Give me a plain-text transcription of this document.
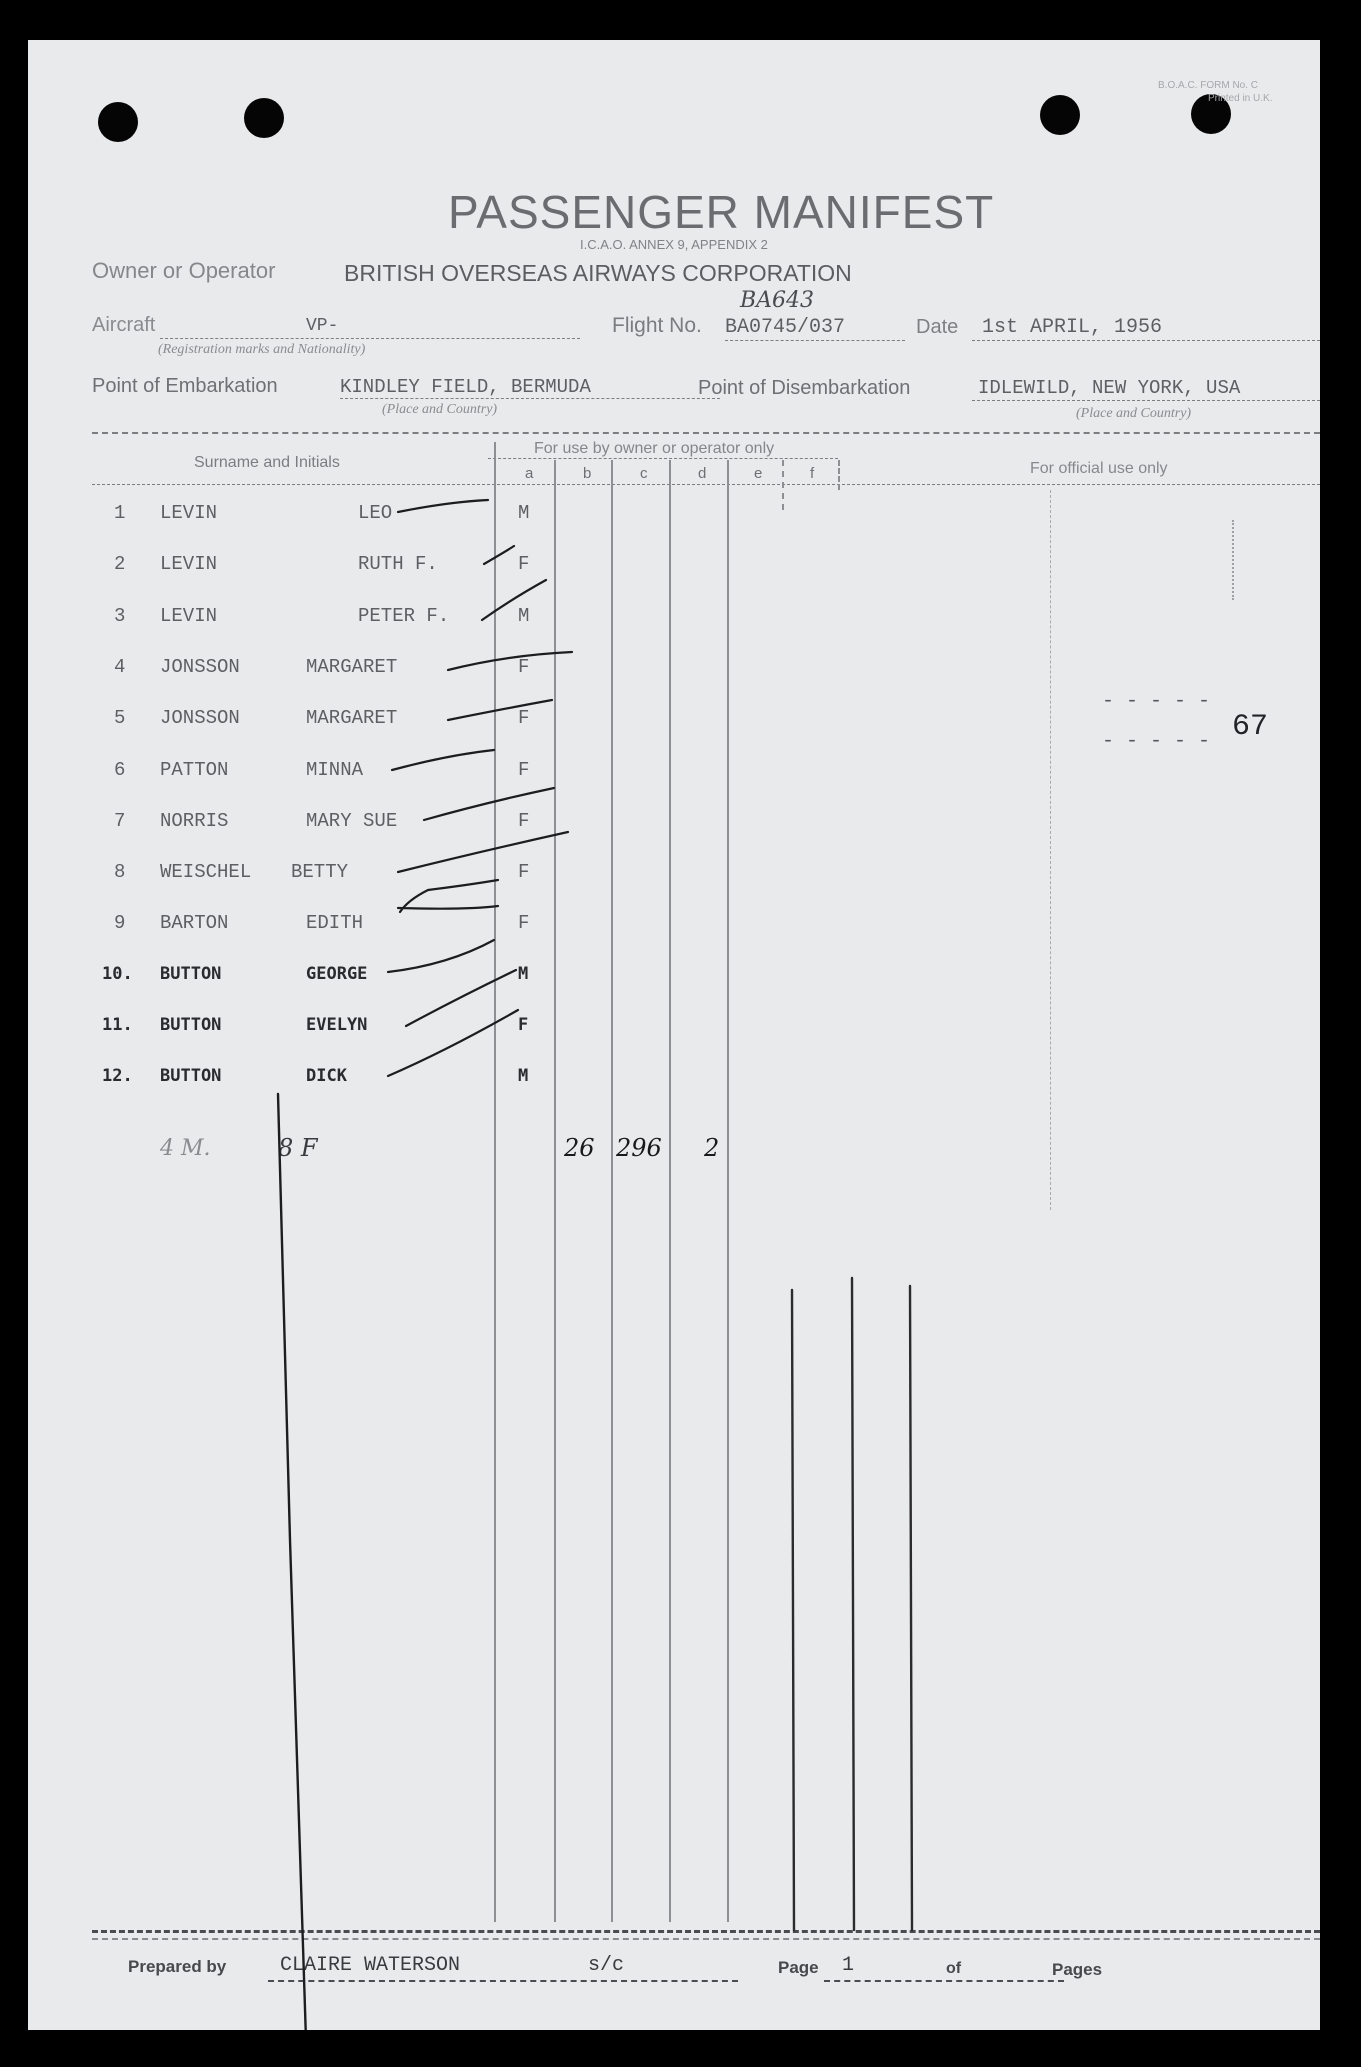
B.O.A.C. FORM No. C
Printed in U.K.
PASSENGER MANIFEST
I.C.A.O. ANNEX 9, APPENDIX 2
Owner or Operator	BRITISH OVERSEAS AIRWAYS CORPORATION
Aircraft	VP-
(Registration marks and Nationality)
Flight No. BA0745/037
BA643
Date 1st APRIL, 1956
Point of Embarkation	KINDLEY FIELD, BERMUDA
(Place and Country)
Point of Disembarkation	IDLEWILD, NEW YORK, USA
(Place and Country)
Surname and Initials
For use by owner or operator only
For official use only
a	b	c	d	e	f
1 LEVIN	LEO	M
2 LEVIN	RUTH F.	F
3 LEVIN	PETER F.	M
4 JONSSON	MARGARET	F
5 JONSSON	MARGARET	F
6 PATTON	MINNA	F
7 NORRIS	MARY SUE	F
8 WEISCHEL BETTY	F
9 BARTON	EDITH	F
10. BUTTON	GEORGE	M
11. BUTTON	EVELYN	F
12. BUTTON	DICK	M
67
- - - - -
- - - - -
4 M.	8 F	26 296 2
Prepared by	CLAIRE WATERSON	s/c	Page 1	of	Pages
